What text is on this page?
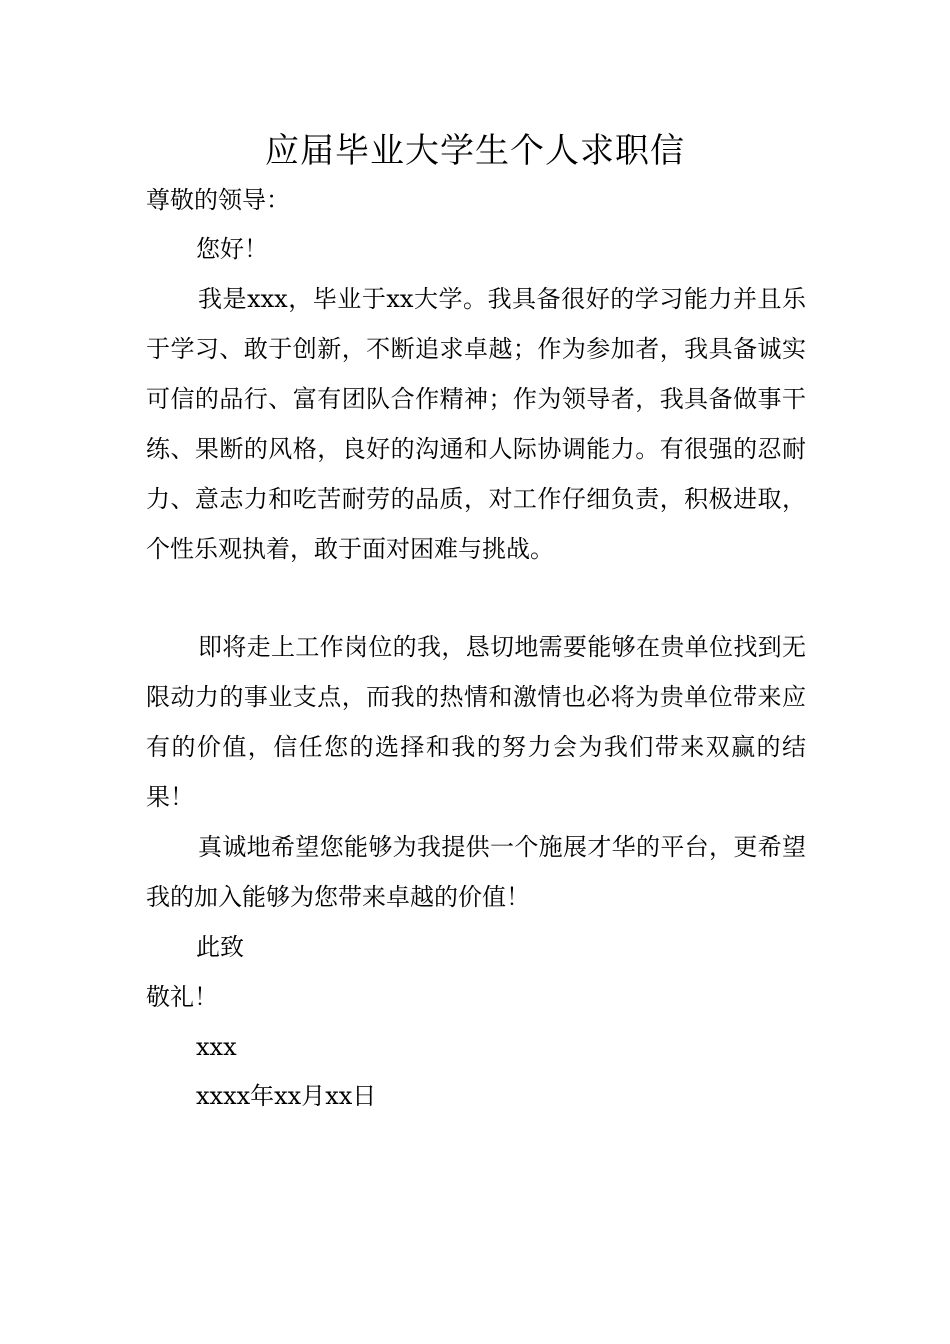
应届毕业大学生个人求职信
尊敬的领导：
您好！

我是xxx，毕业于xx大学。我具备很好的学习能力并且乐于学习、敢于创新，不断追求卓越；作为参加者，我具备诚实可信的品行、富有团队合作精神；作为领导者，我具备做事干练、果断的风格，良好的沟通和人际协调能力。有很强的忍耐力、意志力和吃苦耐劳的品质，对工作仔细负责，积极进取，个性乐观执着，敢于面对困难与挑战。

即将走上工作岗位的我，恳切地需要能够在贵单位找到无限动力的事业支点，而我的热情和激情也必将为贵单位带来应有的价值，信任您的选择和我的努力会为我们带来双赢的结果！

真诚地希望您能够为我提供一个施展才华的平台，更希望我的加入能够为您带来卓越的价值！

此致
敬礼！
xxx
xxxx年xx月xx日
